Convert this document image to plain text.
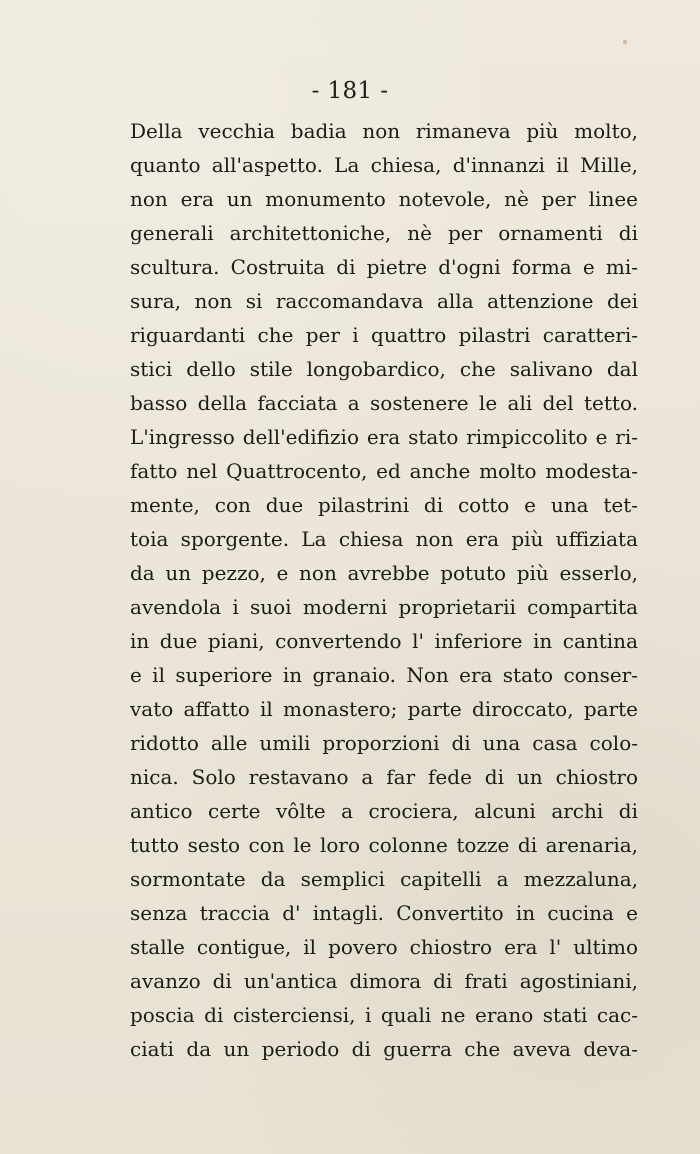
- 181 -
Della vecchia badia non rimaneva più molto,
quanto all'aspetto. La chiesa, d'innanzi il Mille,
non era un monumento notevole, nè per linee
generali architettoniche, nè per ornamenti di
scultura. Costruita di pietre d'ogni forma e mi-
sura, non si raccomandava alla attenzione dei
riguardanti che per i quattro pilastri caratteri-
stici dello stile longobardico, che salivano dal
basso della facciata a sostenere le ali del tetto.
L'ingresso dell'edifizio era stato rimpiccolito e ri-
fatto nel Quattrocento, ed anche molto modesta-
mente, con due pilastrini di cotto e una tet-
toia sporgente. La chiesa non era più uffiziata
da un pezzo, e non avrebbe potuto più esserlo,
avendola i suoi moderni proprietarii compartita
in due piani, convertendo l' inferiore in cantina
e il superiore in granaio. Non era stato conser-
vato affatto il monastero; parte diroccato, parte
ridotto alle umili proporzioni di una casa colo-
nica. Solo restavano a far fede di un chiostro
antico certe vôlte a crociera, alcuni archi di
tutto sesto con le loro colonne tozze di arenaria,
sormontate da semplici capitelli a mezzaluna,
senza traccia d' intagli. Convertito in cucina e
stalle contigue, il povero chiostro era l' ultimo
avanzo di un'antica dimora di frati agostiniani,
poscia di cisterciensi, i quali ne erano stati cac-
ciati da un periodo di guerra che aveva deva-
